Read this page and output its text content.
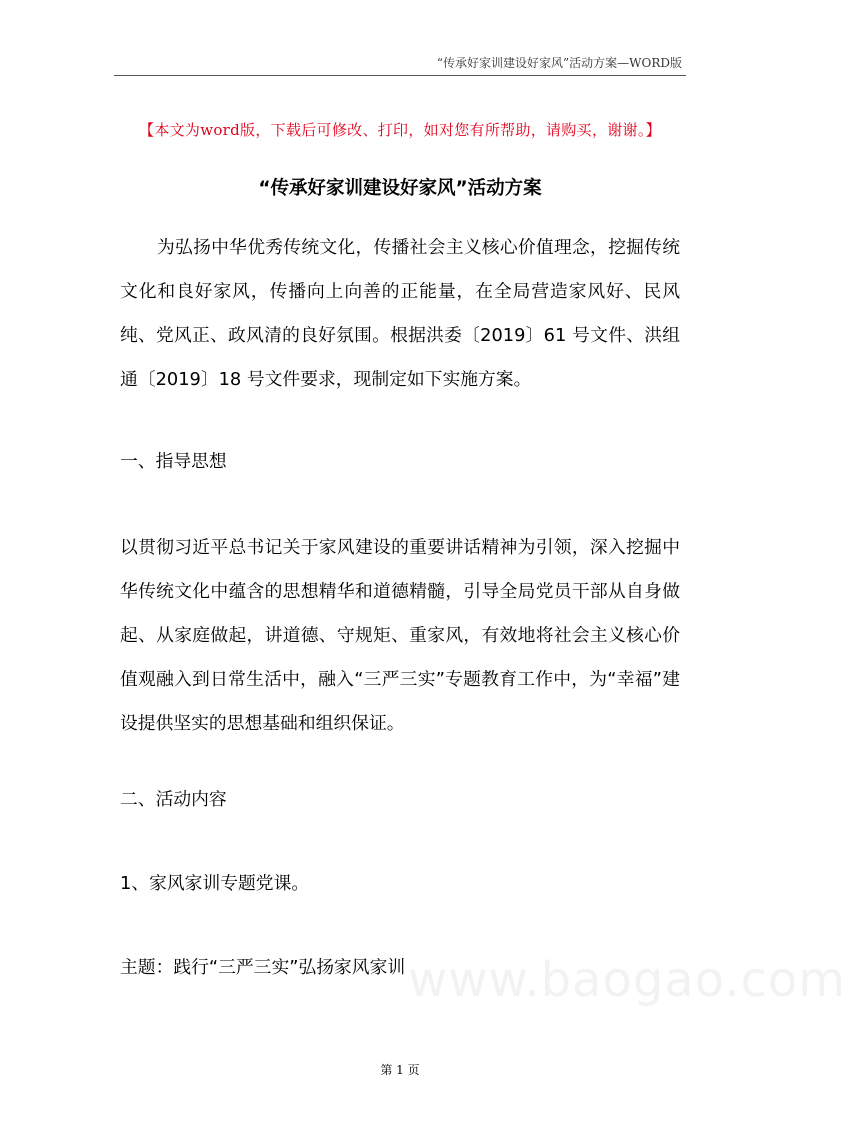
“传承好家训建设好家风”活动方案—WORD版
【本文为word版，下载后可修改、打印，如对您有所帮助，请购买，谢谢。】
“传承好家训建设好家风”活动方案

为弘扬中华优秀传统文化，传播社会主义核心价值理念，挖掘传统文化和良好家风，传播向上向善的正能量，在全局营造家风好、民风纯、党风正、政风清的良好氛围。根据洪委〔2019〕61 号文件、洪组通〔2019〕18 号文件要求，现制定如下实施方案。

一、指导思想

以贯彻习近平总书记关于家风建设的重要讲话精神为引领，深入挖掘中华传统文化中蕴含的思想精华和道德精髓，引导全局党员干部从自身做起、从家庭做起，讲道德、守规矩、重家风，有效地将社会主义核心价值观融入到日常生活中，融入“三严三实”专题教育工作中，为“幸福”建设提供坚实的思想基础和组织保证。

二、活动内容
1、家风家训专题党课。
主题：践行“三严三实”弘扬家风家训 www.baogao.com
第 1 页
